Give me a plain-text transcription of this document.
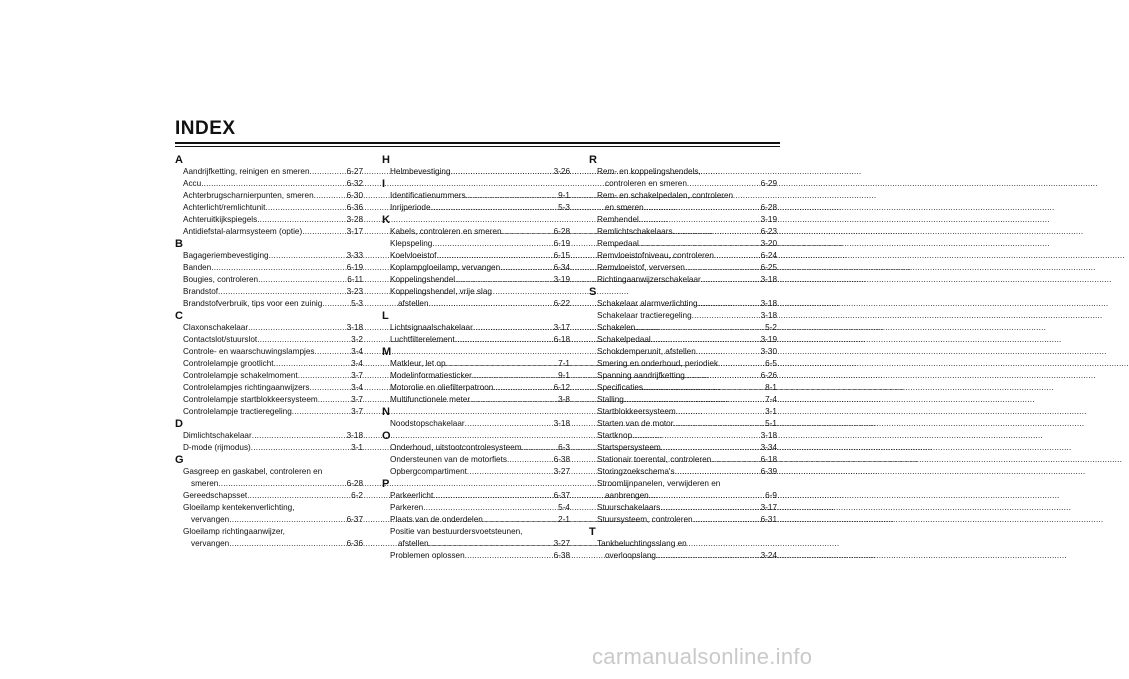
INDEX
A
Aandrijfketting, reinigen en smeren .....	6-27
Accu .....	6-32
Achterbrugscharnierpunten, smeren .....	6-30
Achterlicht/remlichtunit .....	6-36
Achteruitkijkspiegels .....	3-28
Antidiefstal-alarmsysteem (optie) .....	3-17
B
Bagageriembevestiging .....	3-33
Banden .....	6-19
Bougies, controleren .....	6-11
Brandstof .....	3-23
Brandstofverbruik, tips voor een zuinig .....	5-3
C
Claxonschakelaar .....	3-18
Contactslot/stuurslot .....	3-2
Controle- en waarschuwingslampjes .....	3-4
Controlelampje grootlicht .....	3-4
Controlelampje schakelmoment .....	3-7
Controlelampjes richtingaanwijzers .....	3-4
Controlelampje startblokkeersysteem .....	3-7
Controlelampje tractieregeling .....	3-7
D
Dimlichtschakelaar .....	3-18
D-mode (rijmodus) .....	3-1
G
Gasgreep en gaskabel, controleren en
smeren .....	6-28
Gereedschapsset .....	6-2
Gloeilamp kentekenverlichting,
vervangen .....	6-37
Gloeilamp richtingaanwijzer,
vervangen .....	6-36
H
Helmbevestiging .....	3-26
I
Identificatienummers .....	9-1
Inrijperiode .....	5-3
K
Kabels, controleren en smeren .....	6-28
Klepspeling .....	6-19
Koelvloeistof .....	6-15
Koplampgloeilamp, vervangen .....	6-34
Koppelingshendel .....	3-19
Koppelingshendel, vrije slag
afstellen .....	6-22
L
Lichtsignaalschakelaar .....	3-17
Luchtfilterelement .....	6-18
M
Matkleur, let op .....	7-1
Modelinformatiesticker .....	9-1
Motorolie en oliefilterpatroon .....	6-12
Multifunctionele meter .....	3-8
N
Noodstopschakelaar .....	3-18
O
Onderhoud, uitstootcontrolesysteem .....	6-3
Ondersteunen van de motorfiets .....	6-38
Opbergcompartiment .....	3-27
P
Parkeerlicht .....	6-37
Parkeren .....	5-4
Plaats van de onderdelen .....	2-1
Positie van bestuurdersvoetsteunen,
afstellen .....	3-27
Problemen oplossen .....	6-38
R
Rem- en koppelingshendels,
controleren en smeren .....	6-29
Rem- en schakelpedalen, controleren
en smeren .....	6-28
Remhendel .....	3-19
Remlichtschakelaars .....	6-23
Rempedaal .....	3-20
Remvloeistofniveau, controleren .....	6-24
Remvloeistof, verversen .....	6-25
Richtingaanwijzerschakelaar .....	3-18
S
Schakelaar alarmverlichting .....	3-18
Schakelaar tractieregeling .....	3-18
Schakelen .....	5-2
Schakelpedaal .....	3-19
Schokdemperunit, afstellen .....	3-30
Smering en onderhoud, periodiek .....	6-5
Spanning aandrijfketting .....	6-26
Specificaties .....	8-1
Stalling .....	7-4
Startblokkeersysteem .....	3-1
Starten van de motor .....	5-1
Startknop .....	3-18
Startspersysteem .....	3-34
Stationair toerental, controleren .....	6-18
Storingzoekschema's .....	6-39
Stroomlijnpanelen, verwijderen en
aanbrengen .....	6-9
Stuurschakelaars .....	3-17
Stuursysteem, controleren .....	6-31
T
Tankbeluchtingsslang en
overloopslang .....	3-24
carmanualsonline.info
